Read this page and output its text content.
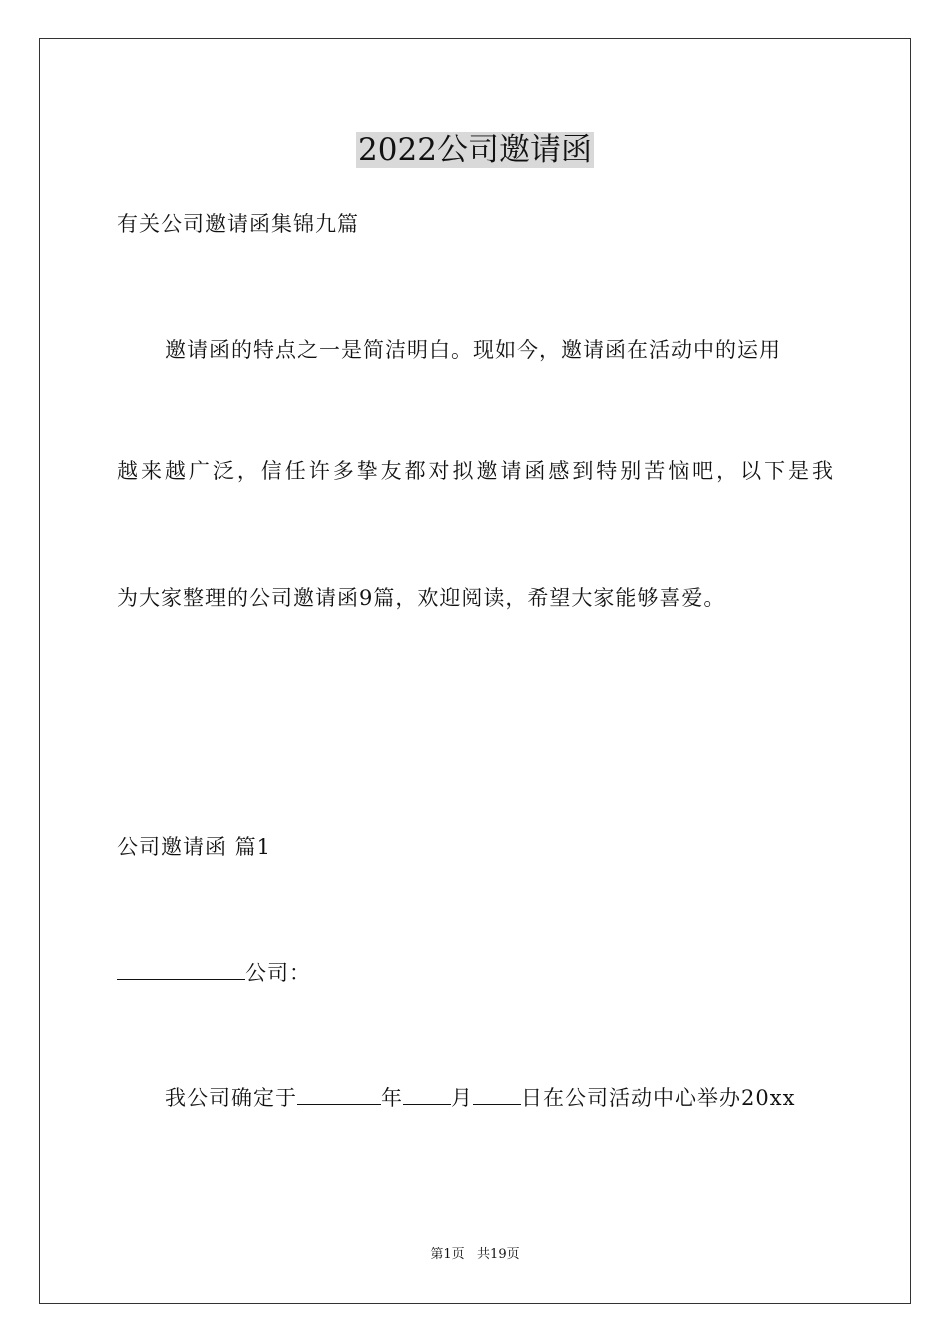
2022公司邀请函
有关公司邀请函集锦九篇
邀请函的特点之一是简洁明白。现如今，邀请函在活动中的运用
越来越广泛，信任许多挚友都对拟邀请函感到特别苦恼吧，以下是我
为大家整理的公司邀请函9篇，欢迎阅读，希望大家能够喜爱。
公司邀请函 篇1
公司：
我公司确定于	年 月 日在公司活动中心举办20xx
第1页   共19页
